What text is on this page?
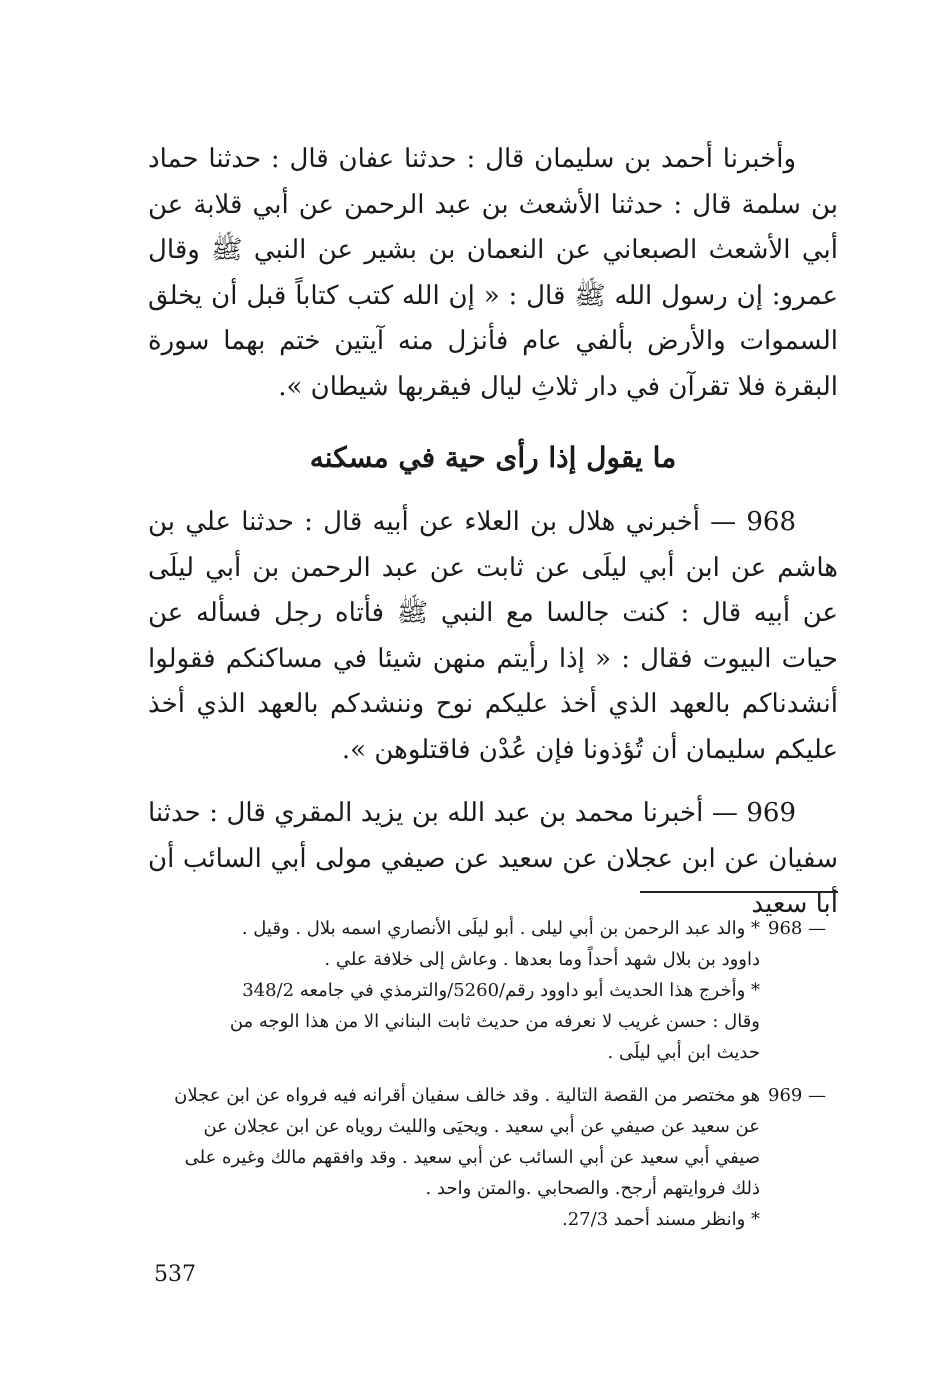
وأخبرنا أحمد بن سليمان قال : حدثنا عفان قال : حدثنا حماد بن سلمة قال : حدثنا الأشعث بن عبد الرحمن عن أبي قلابة عن أبي الأشعث الصبعاني عن النعمان بن بشير عن النبي ﷺ وقال عمرو: إن رسول الله ﷺ قال : « إن الله كتب كتاباً قبل أن يخلق السموات والأرض بألفي عام فأنزل منه آيتين ختم بهما سورة البقرة فلا تقرآن في دار ثلاثِ ليال فيقربها شيطان ».

ما يقول إذا رأى حية في مسكنه

968 — أخبرني هلال بن العلاء عن أبيه قال : حدثنا علي بن هاشم عن ابن أبي ليلَى عن ثابت عن عبد الرحمن بن أبي ليلَى عن أبيه قال : كنت جالسا مع النبي ﷺ فأتاه رجل فسأله عن حيات البيوت فقال : « إذا رأيتم منهن شيئا في مساكنكم فقولوا أنشدناكم بالعهد الذي أخذ عليكم نوح وننشدكم بالعهد الذي أخذ عليكم سليمان أن تُؤذونا فإن عُدْن فاقتلوهن ».

969 — أخبرنا محمد بن عبد الله بن يزيد المقري قال : حدثنا سفيان عن ابن عجلان عن سعيد عن صيفي مولى أبي السائب أن أبا سعيد

968 —
* والد عبد الرحمن بن أبي ليلى . أبو ليلَى الأنصاري اسمه بلال . وقيل .
داوود بن بلال شهد أحداً وما بعدها . وعاش إلى خلافة علي .
* وأخرج هذا الحديث أبو داوود رقم/5260/والترمذي في جامعه 348/2
وقال : حسن غريب لا نعرفه من حديث ثابت البناني الا من هذا الوجه من
حديث ابن أبي ليلَى .
969 —
هو مختصر من القصة التالية . وقد خالف سفيان أقرانه فيه فرواه عن ابن عجلان
عن سعيد عن صيفي عن أبي سعيد . ويحيَى والليث روياه عن ابن عجلان عن
صيفي أبي سعيد عن أبي السائب عن أبي سعيد . وقد وافقهم مالك وغيره على
ذلك فروايتهم أرجح. والصحابي .والمتن واحد .
* وانظر مسند أحمد 27/3.
537
